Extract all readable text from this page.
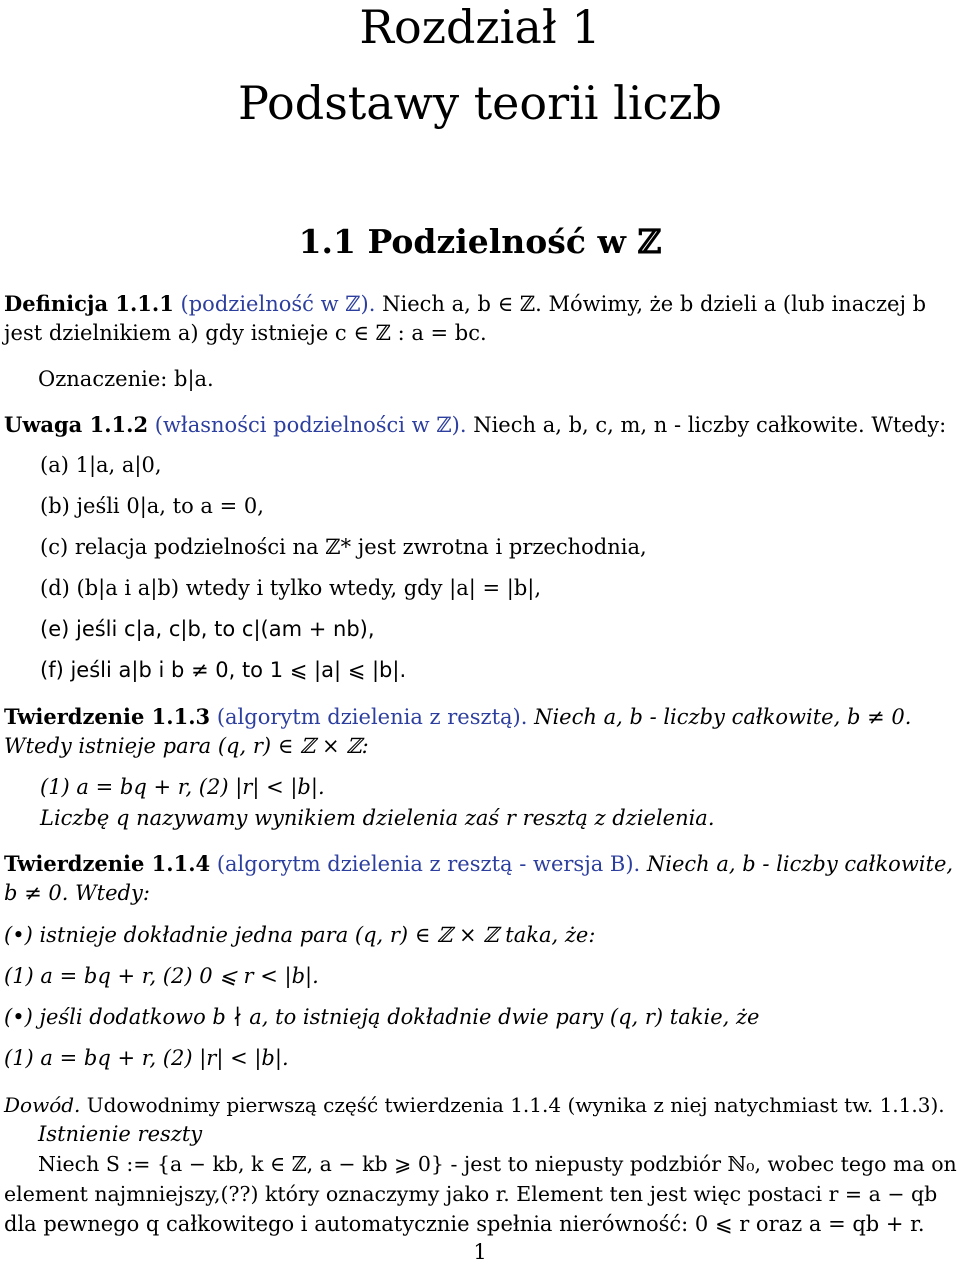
Rozdział 1
Podstawy teorii liczb
1.1 Podzielność w ℤ
Definicja 1.1.1 (podzielność w ℤ). Niech a, b ∈ ℤ. Mówimy, że b dzieli a (lub inaczej b
jest dzielnikiem a) gdy istnieje c ∈ ℤ : a = bc.
Oznaczenie: b|a.
Uwaga 1.1.2 (własności podzielności w ℤ). Niech a, b, c, m, n - liczby całkowite. Wtedy:
(a) 1|a, a|0,
(b) jeśli 0|a, to a = 0,
(c) relacja podzielności na ℤ* jest zwrotna i przechodnia,
(d) (b|a i a|b) wtedy i tylko wtedy, gdy |a| = |b|,
(e) jeśli c|a, c|b, to c|(am + nb),
(f) jeśli a|b i b ≠ 0, to 1 ⩽ |a| ⩽ |b|.
Twierdzenie 1.1.3 (algorytm dzielenia z resztą). Niech a, b - liczby całkowite, b ≠ 0.
Wtedy istnieje para (q, r) ∈ ℤ × ℤ:
(1) a = bq + r, (2) |r| < |b|.
Liczbę q nazywamy wynikiem dzielenia zaś r resztą z dzielenia.
Twierdzenie 1.1.4 (algorytm dzielenia z resztą - wersja B). Niech a, b - liczby całkowite,
b ≠ 0. Wtedy:
(•) istnieje dokładnie jedna para (q, r) ∈ ℤ × ℤ taka, że:
(1) a = bq + r, (2) 0 ⩽ r < |b|.
(•) jeśli dodatkowo b ∤ a, to istnieją dokładnie dwie pary (q, r) takie, że
(1) a = bq + r, (2) |r| < |b|.
Dowód. Udowodnimy pierwszą część twierdzenia 1.1.4 (wynika z niej natychmiast tw. 1.1.3).
Istnienie reszty
Niech S := {a − kb, k ∈ ℤ, a − kb ⩾ 0} - jest to niepusty podzbiór ℕ₀, wobec tego ma on
element najmniejszy,(??) który oznaczymy jako r. Element ten jest więc postaci r = a − qb
dla pewnego q całkowitego i automatycznie spełnia nierówność: 0 ⩽ r oraz a = qb + r.
1
